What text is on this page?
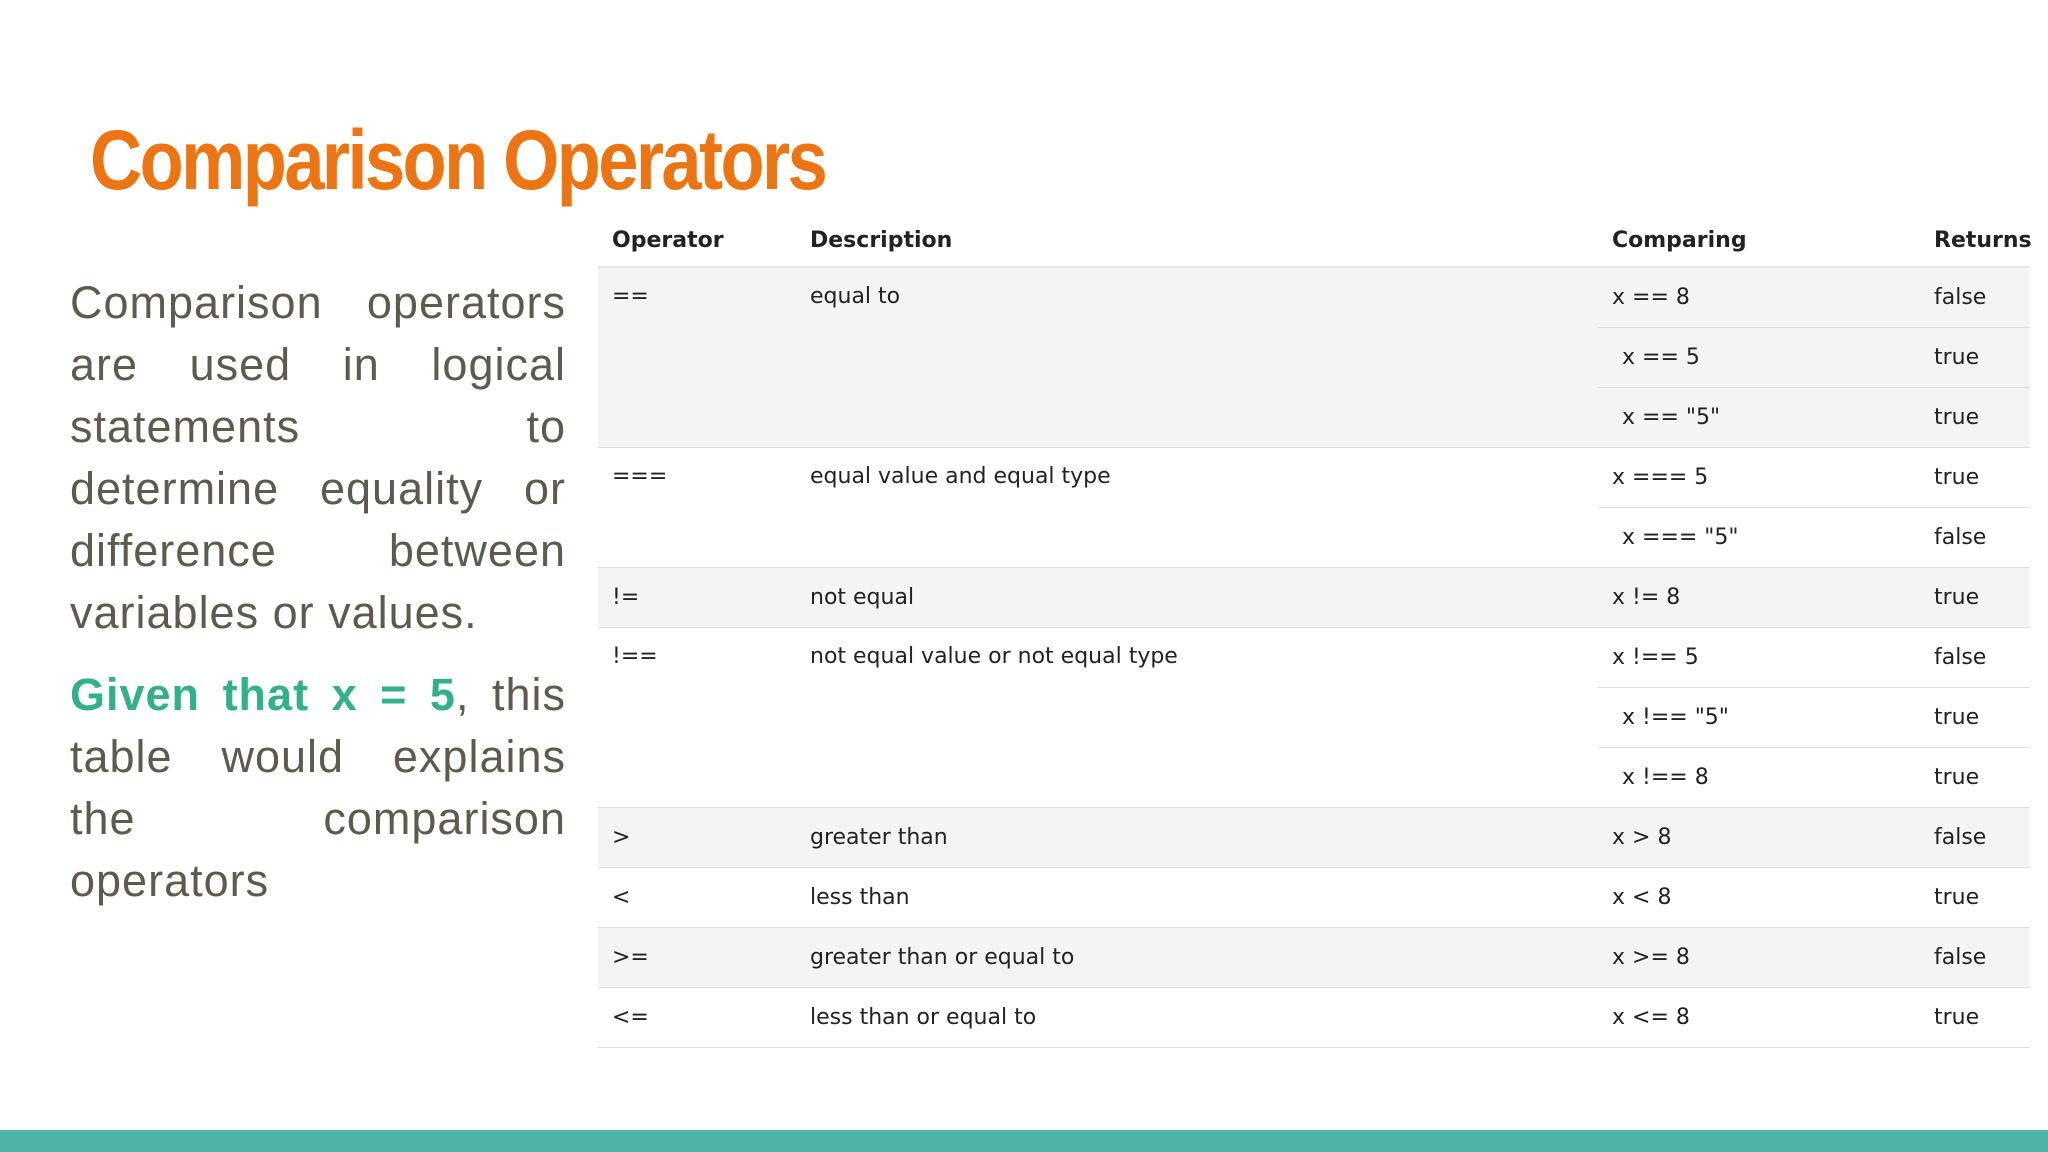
Comparison Operators

Comparison operators are used in logical statements to determine equality or difference between variables or values.

Given that x = 5, this table would explains the comparison operators

Operator	Description	Comparing	Returns
==	equal to	x == 8	false
		x == 5	true
		x == "5"	true
===	equal value and equal type	x === 5	true
		x === "5"	false
!=	not equal	x != 8	true
!==	not equal value or not equal type	x !== 5	false
		x !== "5"	true
		x !== 8	true
>	greater than	x > 8	false
<	less than	x < 8	true
>=	greater than or equal to	x >= 8	false
<=	less than or equal to	x <= 8	true
